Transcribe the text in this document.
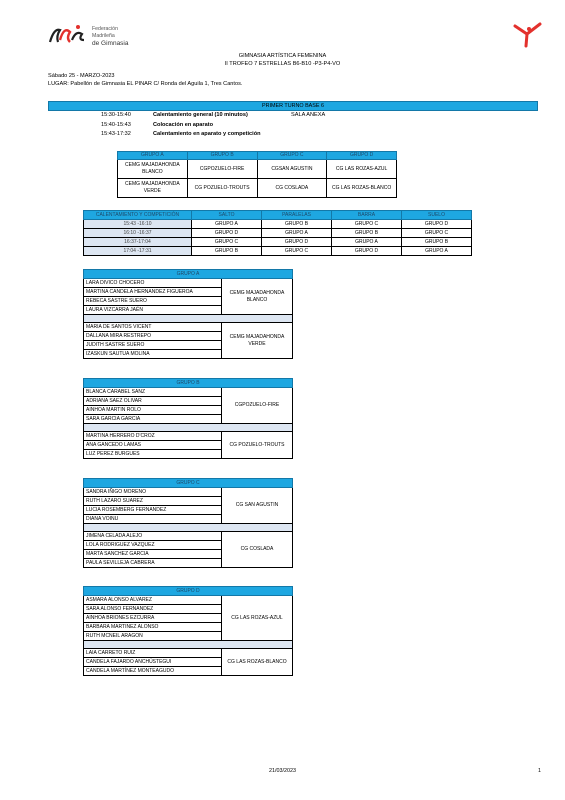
Federación Madrileña
de Gimnasia
GIMNASIA ARTÍSTICA FEMENINA
II TROFEO 7 ESTRELLAS B6-B10 -P3-P4-VO
Sábado 25 - MARZO-2023
LUGAR: Pabellón de Gimnasia EL PINAR C/ Ronda del Aguila 1, Tres Cantos.
PRIMER TURNO BASE 6
15:30-15:40	Calentamiento general (10 minutos)	SALA ANEXA
15:40-15:43	Colocación en aparato
15:43-17:32	Calentamiento en aparato y competición
GRUPO A	GRUPO B	GRUPO C	GRUPO D
CEMG MAJADAHONDA BLANCO	CGPOZUELO-FIRE	CGSAN AGUSTIN	CG LAS ROZAS-AZUL
CEMG MAJADAHONDA VERDE	CG POZUELO-TROUTS	CG COSLADA	CG LAS ROZAS-BLANCO
CALENTAMIENTO Y COMPETICIÓN	SALTO	PARALELAS	BARRA	SUELO
15:43 -16:10	GRUPO A	GRUPO B	GRUPO C	GRUPO D
16:10 -16:37	GRUPO D	GRUPO A	GRUPO B	GRUPO C
16:37-17:04	GRUPO C	GRUPO D	GRUPO A	GRUPO B
17:04 -17:31	GRUPO B	GRUPO C	GRUPO D	GRUPO A
GRUPO A	
LARA DIVICO CHOCERO	CEMG MAJADAHONDA BLANCO
MARTINA CANDELA HERNANDEZ FIGUEROA	
REBECA SASTRE SUERO	
LAURA VIZCARRA JAÉN	

MARIA DE SANTOS VICENT	CEMG MAJADAHONDA VERDE
DALLANA MIRA RESTREPO	
JUDITH SASTRE SUERO	
IZASKUN SAUTUA MOLINA	
GRUPO B	
BLANCA CARABEL SANZ	CGPOZUELO-FIRE
ADRIANA SAEZ OLIVAR	
AINHOA MARTIN ROLO	
SARA GARCIA GARCIA	

MARTINA HERRERO D'CROZ	CG POZUELO-TROUTS
ANA GANCEDO LAMAS	
LUZ PEREZ BURGUES	
GRUPO C	
SANDRA IÑIGO MORENO	CG SAN AGUSTIN
RUTH LAZARO SUAREZ	
LUCIA ROSEMBERG FERNANDEZ	
DIANA VOINU	

JIMENA CELADA ALEJO	CG COSLADA
LOLA RODRIGUEZ VAZQUEZ	
MARTA SANCHEZ GARCIA	
PAULA SEVILLEJA CABRERA	
GRUPO D	
ASMARA ALONSO ALVAREZ	CG LAS ROZAS-AZUL
SARA ALONSO FERNANDEZ	
AINHOA BRIONES EZCURRA	
BARBARA MARTINEZ ALONSO	
RUTH MCNEIL ARAGON	

LAIA CARRETO RUIZ	CG LAS ROZAS-BLANCO
CANDELA FAJARDO ANCHÚSTEGUI	
CANDELA MARTÍNEZ MONTEAGUDO	
21/03/2023	1
